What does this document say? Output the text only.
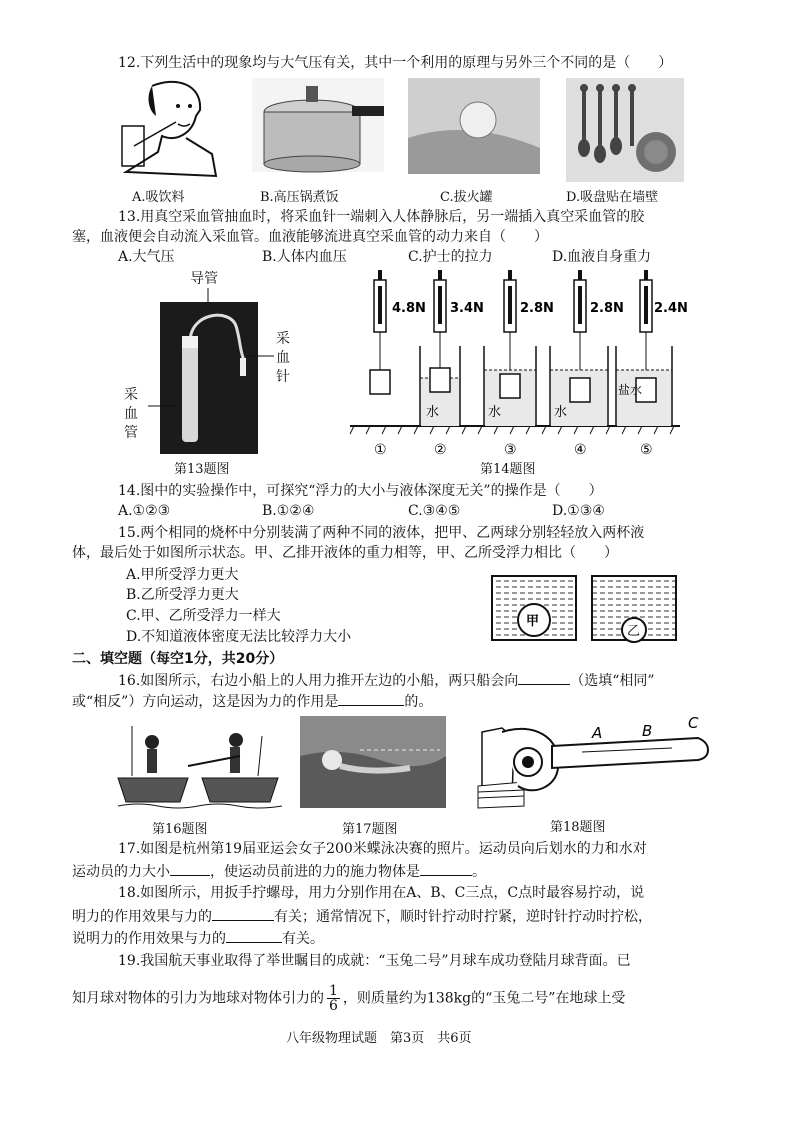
12.下列生活中的现象均与大气压有关，其中一个利用的原理与另外三个不同的是（　　）
A.吸饮料	B.高压锅煮饭	C.拔火罐	D.吸盘贴在墙壁
13.用真空采血管抽血时，将采血针一端刺入人体静脉后，另一端插入真空采血管的胶
塞，血液便会自动流入采血管。血液能够流进真空采血管的动力来自（　　）
A.大气压	B.人体内血压	C.护士的拉力	D.血液自身重力
导管
采
血
针
采
血
管
第13题图
4.8N 3.4N
水
2.8N
水
2.8N
水
2.4N
盐水
①	②	③	④	⑤
第14题图
14.图中的实验操作中，可探究“浮力的大小与液体深度无关”的操作是（　　）
A.①②③	B.①②④	C.③④⑤	D.①③④
15.两个相同的烧杯中分别装满了两种不同的液体，把甲、乙两球分别轻轻放入两杯液
体，最后处于如图所示状态。甲、乙排开液体的重力相等，甲、乙所受浮力相比（　　）
A.甲所受浮力更大
B.乙所受浮力更大
C.甲、乙所受浮力一样大
D.不知道液体密度无法比较浮力大小
甲
乙
二、填空题（每空1分，共20分）
16.如图所示，右边小船上的人用力推开左边的小船，两只船会向	（选填“相同”
或“相反”）方向运动，这是因为力的作用是	的。
第16题图	第17题图
A	B C
第18题图
17.如图是杭州第19届亚运会女子200米蝶泳决赛的照片。运动员向后划水的力和水对
运动员的力大小	，使运动员前进的力的施力物体是	。
18.如图所示，用扳手拧螺母，用力分别作用在A、B、C三点，C点时最容易拧动，说
明力的作用效果与力的	有关；通常情况下，顺时针拧动时拧紧，逆时针拧动时拧松，
说明力的作用效果与力的	有关。
19.我国航天事业取得了举世瞩目的成就：“玉兔二号”月球车成功登陆月球背面。已
知月球对物体的引力为地球对物体引力的 $\frac{1}{6}$ ，则质量约为138kg的“玉兔二号”在地球上受
八年级物理试题　第3页　共6页
